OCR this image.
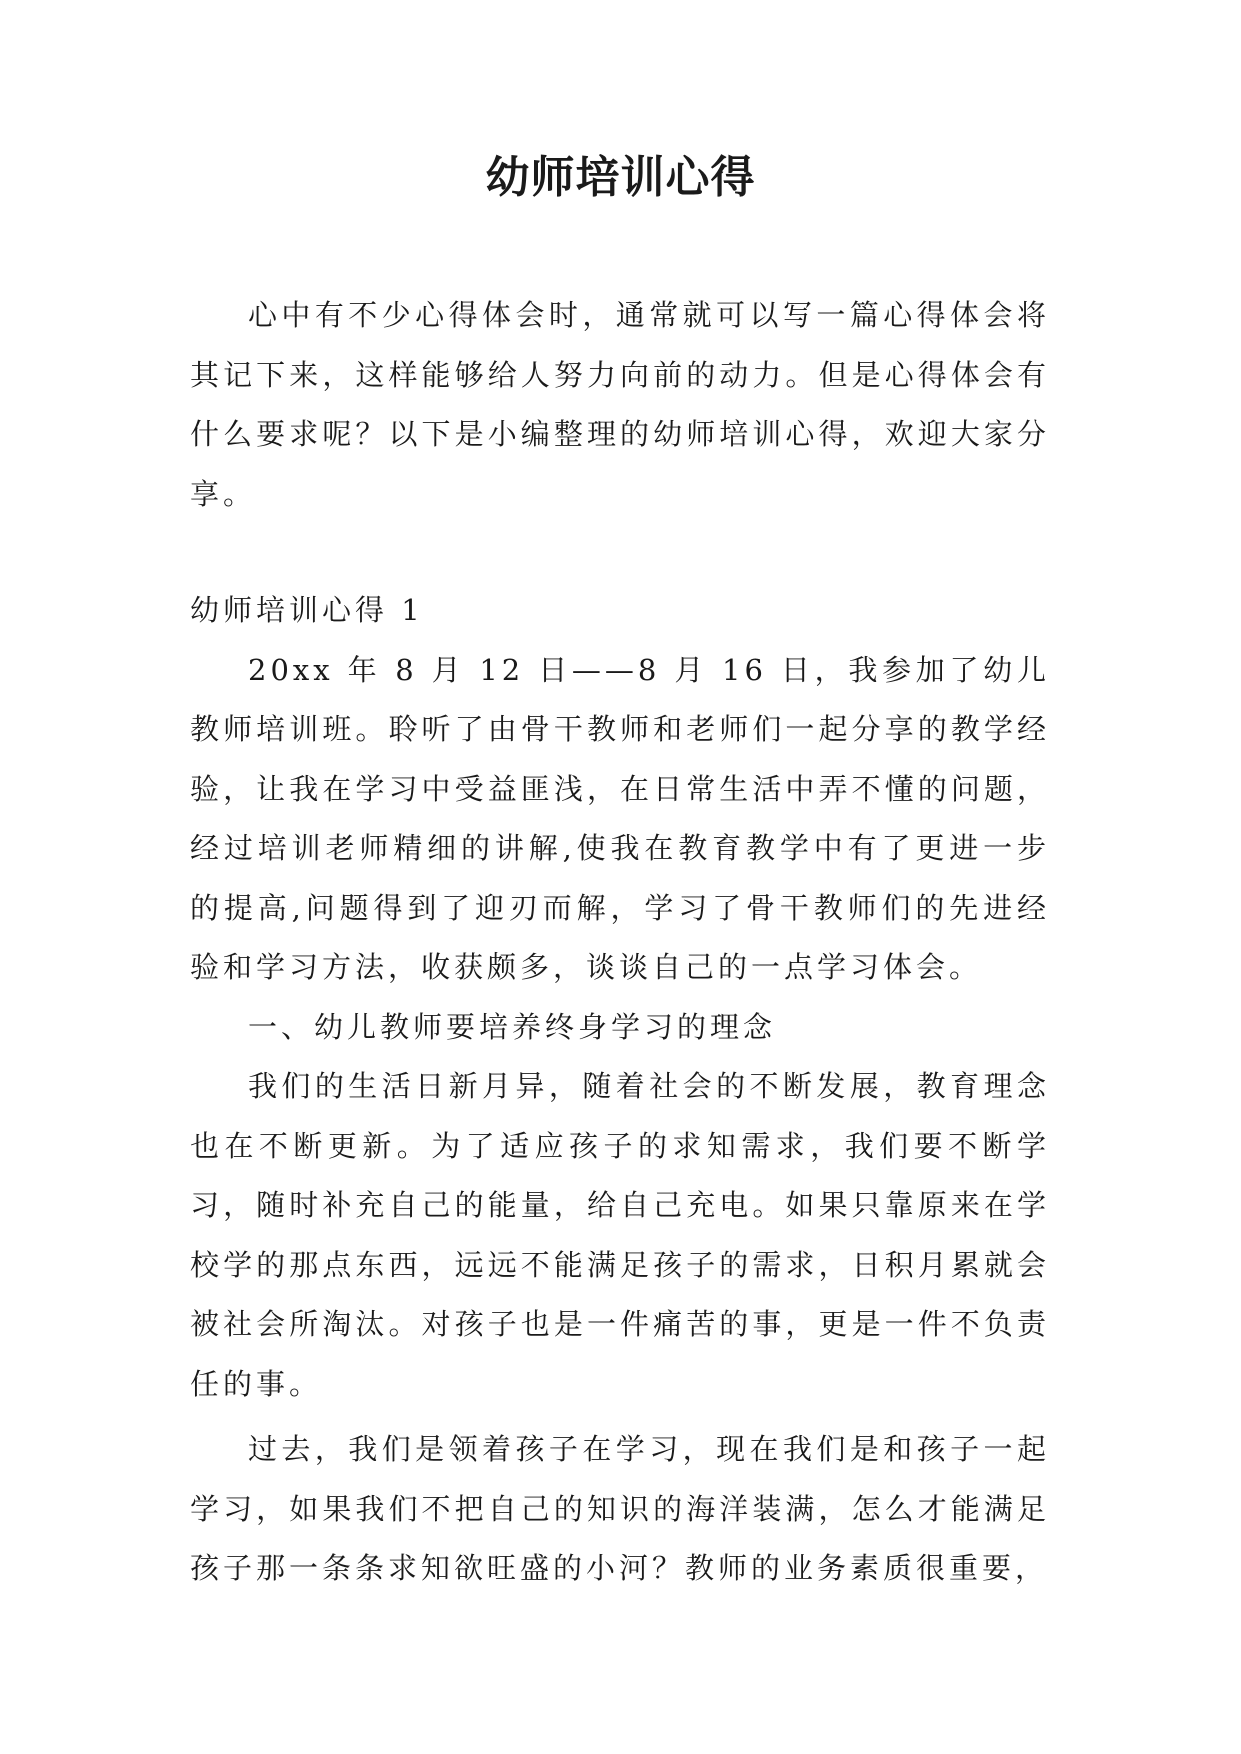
幼师培训心得

心中有不少心得体会时，通常就可以写一篇心得体会将其记下来，这样能够给人努力向前的动力。但是心得体会有什么要求呢？以下是小编整理的幼师培训心得，欢迎大家分享。

幼师培训心得 1

20xx 年 8 月 12 日——8 月 16 日，我参加了幼儿教师培训班。聆听了由骨干教师和老师们一起分享的教学经验，让我在学习中受益匪浅，在日常生活中弄不懂的问题，经过培训老师精细的讲解,使我在教育教学中有了更进一步的提高,问题得到了迎刃而解，学习了骨干教师们的先进经验和学习方法，收获颇多，谈谈自己的一点学习体会。

一、幼儿教师要培养终身学习的理念

我们的生活日新月异，随着社会的不断发展，教育理念也在不断更新。为了适应孩子的求知需求，我们要不断学习，随时补充自己的能量，给自己充电。如果只靠原来在学校学的那点东西，远远不能满足孩子的需求，日积月累就会被社会所淘汰。对孩子也是一件痛苦的事，更是一件不负责任的事。

过去，我们是领着孩子在学习，现在我们是和孩子一起学习，如果我们不把自己的知识的海洋装满，怎么才能满足孩子那一条条求知欲旺盛的小河？教师的业务素质很重要，
